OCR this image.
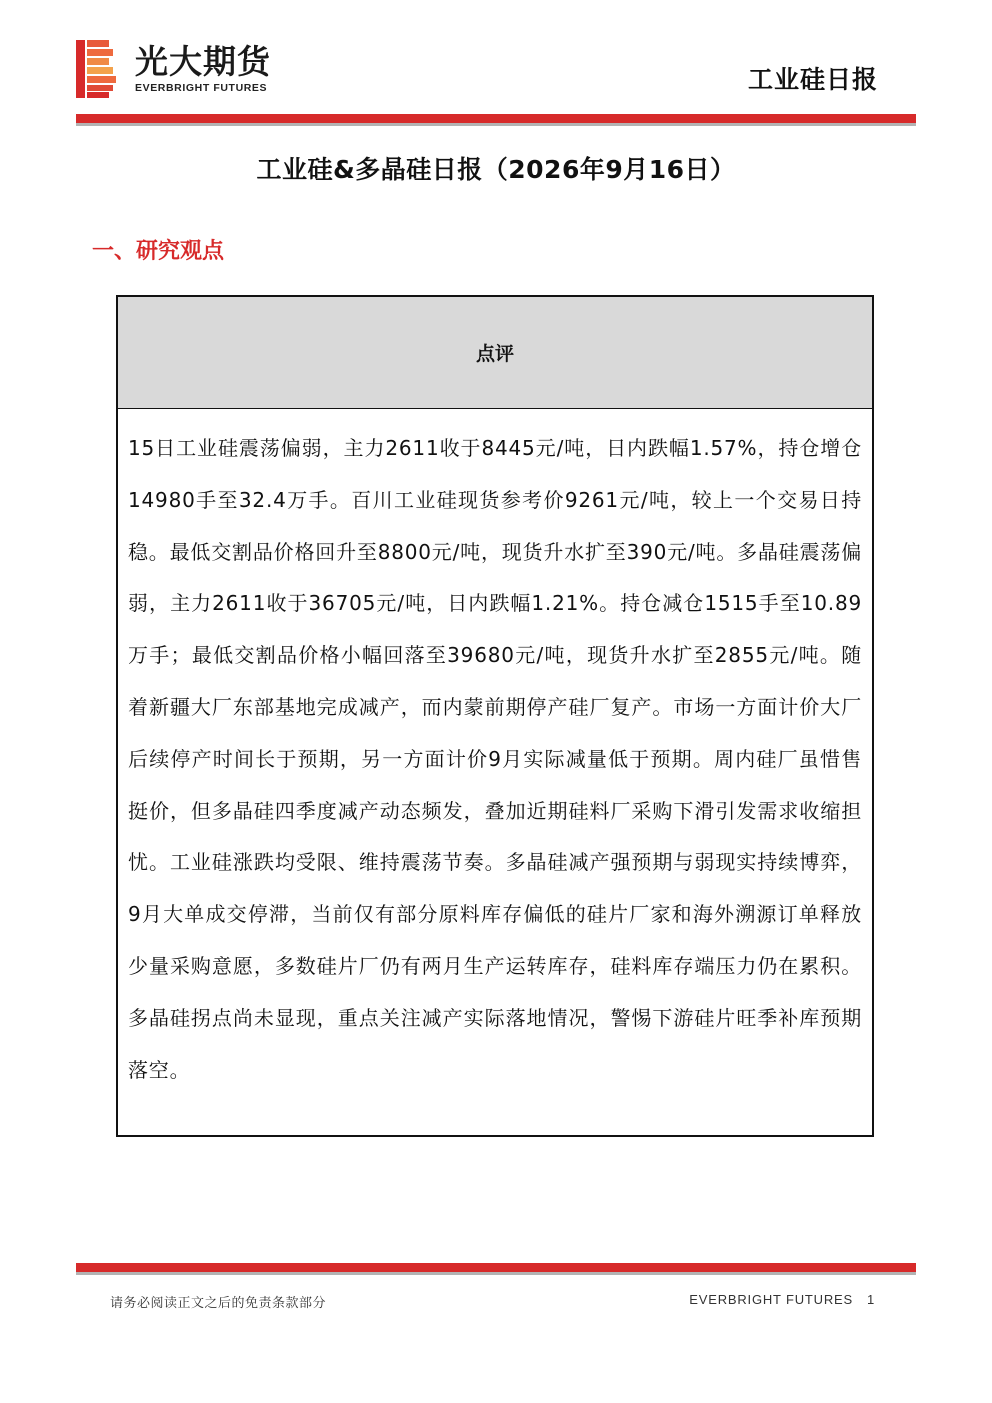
光大期货
EVERBRIGHT FUTURES	工业硅日报
工业硅&多晶硅日报（2026年9月16日）
一、研究观点
点评
15日工业硅震荡偏弱，主力2611收于8445元/吨，日内跌幅1.57%，持仓增仓14980手至32.4万手。百川工业硅现货参考价9261元/吨，较上一个交易日持稳。最低交割品价格回升至8800元/吨，现货升水扩至390元/吨。多晶硅震荡偏弱，主力2611收于36705元/吨，日内跌幅1.21%。持仓减仓1515手至10.89万手；最低交割品价格小幅回落至39680元/吨，现货升水扩至2855元/吨。随着新疆大厂东部基地完成减产，而内蒙前期停产硅厂复产。市场一方面计价大厂后续停产时间长于预期，另一方面计价9月实际减量低于预期。周内硅厂虽惜售挺价，但多晶硅四季度减产动态频发，叠加近期硅料厂采购下滑引发需求收缩担忧。工业硅涨跌均受限、维持震荡节奏。多晶硅减产强预期与弱现实持续博弈，9月大单成交停滞，当前仅有部分原料库存偏低的硅片厂家和海外溯源订单释放少量采购意愿，多数硅片厂仍有两月生产运转库存，硅料库存端压力仍在累积。多晶硅拐点尚未显现，重点关注减产实际落地情况，警惕下游硅片旺季补库预期落空。
请务必阅读正文之后的免责条款部分	EVERBRIGHT FUTURES 1
